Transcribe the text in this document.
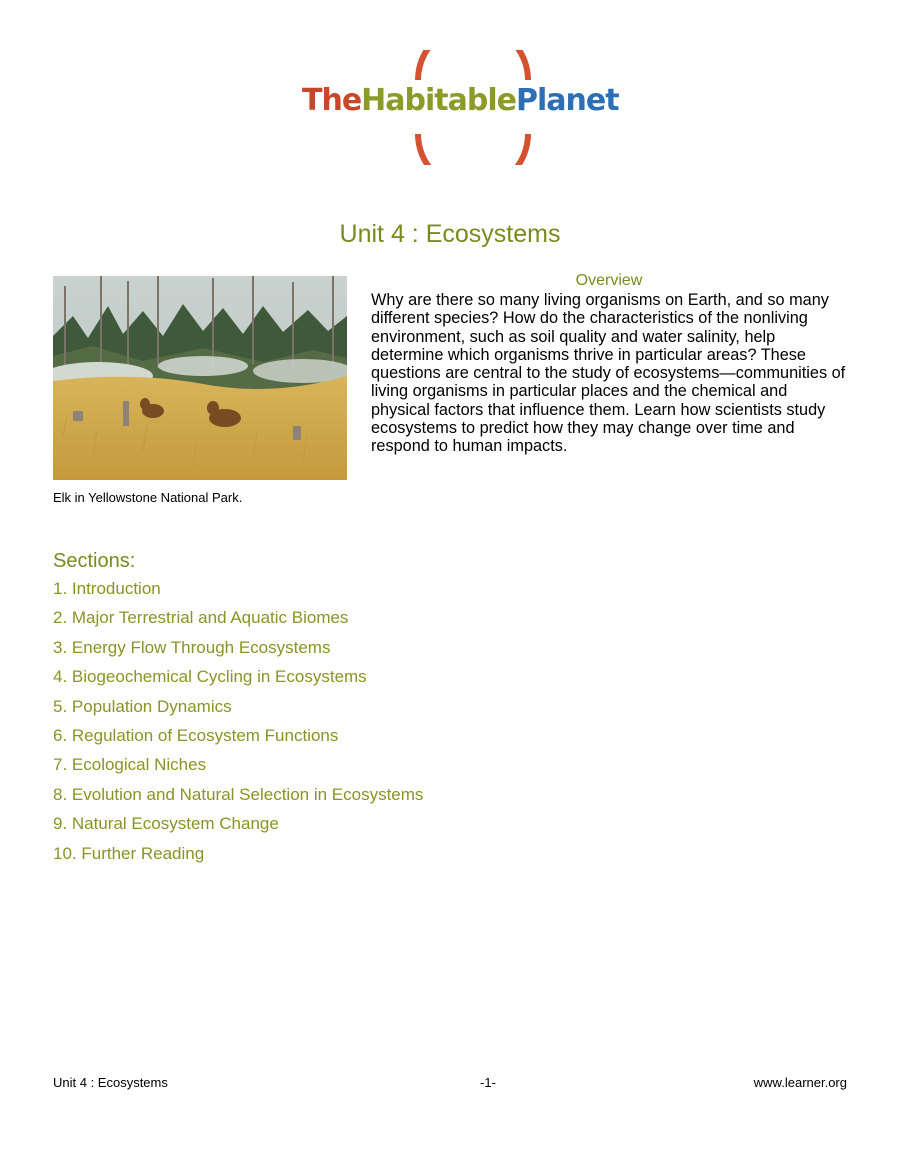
TheHabitablePlanet
Unit 4 : Ecosystems
Elk in Yellowstone National Park.
Overview
Why are there so many living organisms on Earth, and so many different species? How do the characteristics of the nonliving environment, such as soil quality and water salinity, help determine which organisms thrive in particular areas? These questions are central to the study of ecosystems—communities of living organisms in particular places and the chemical and physical factors that influence them. Learn how scientists study ecosystems to predict how they may change over time and respond to human impacts.
Sections:
1. Introduction
2. Major Terrestrial and Aquatic Biomes
3. Energy Flow Through Ecosystems
4. Biogeochemical Cycling in Ecosystems
5. Population Dynamics
6. Regulation of Ecosystem Functions
7. Ecological Niches
8. Evolution and Natural Selection in Ecosystems
9. Natural Ecosystem Change
10. Further Reading
Unit 4 : Ecosystems	-1-	www.learner.org
